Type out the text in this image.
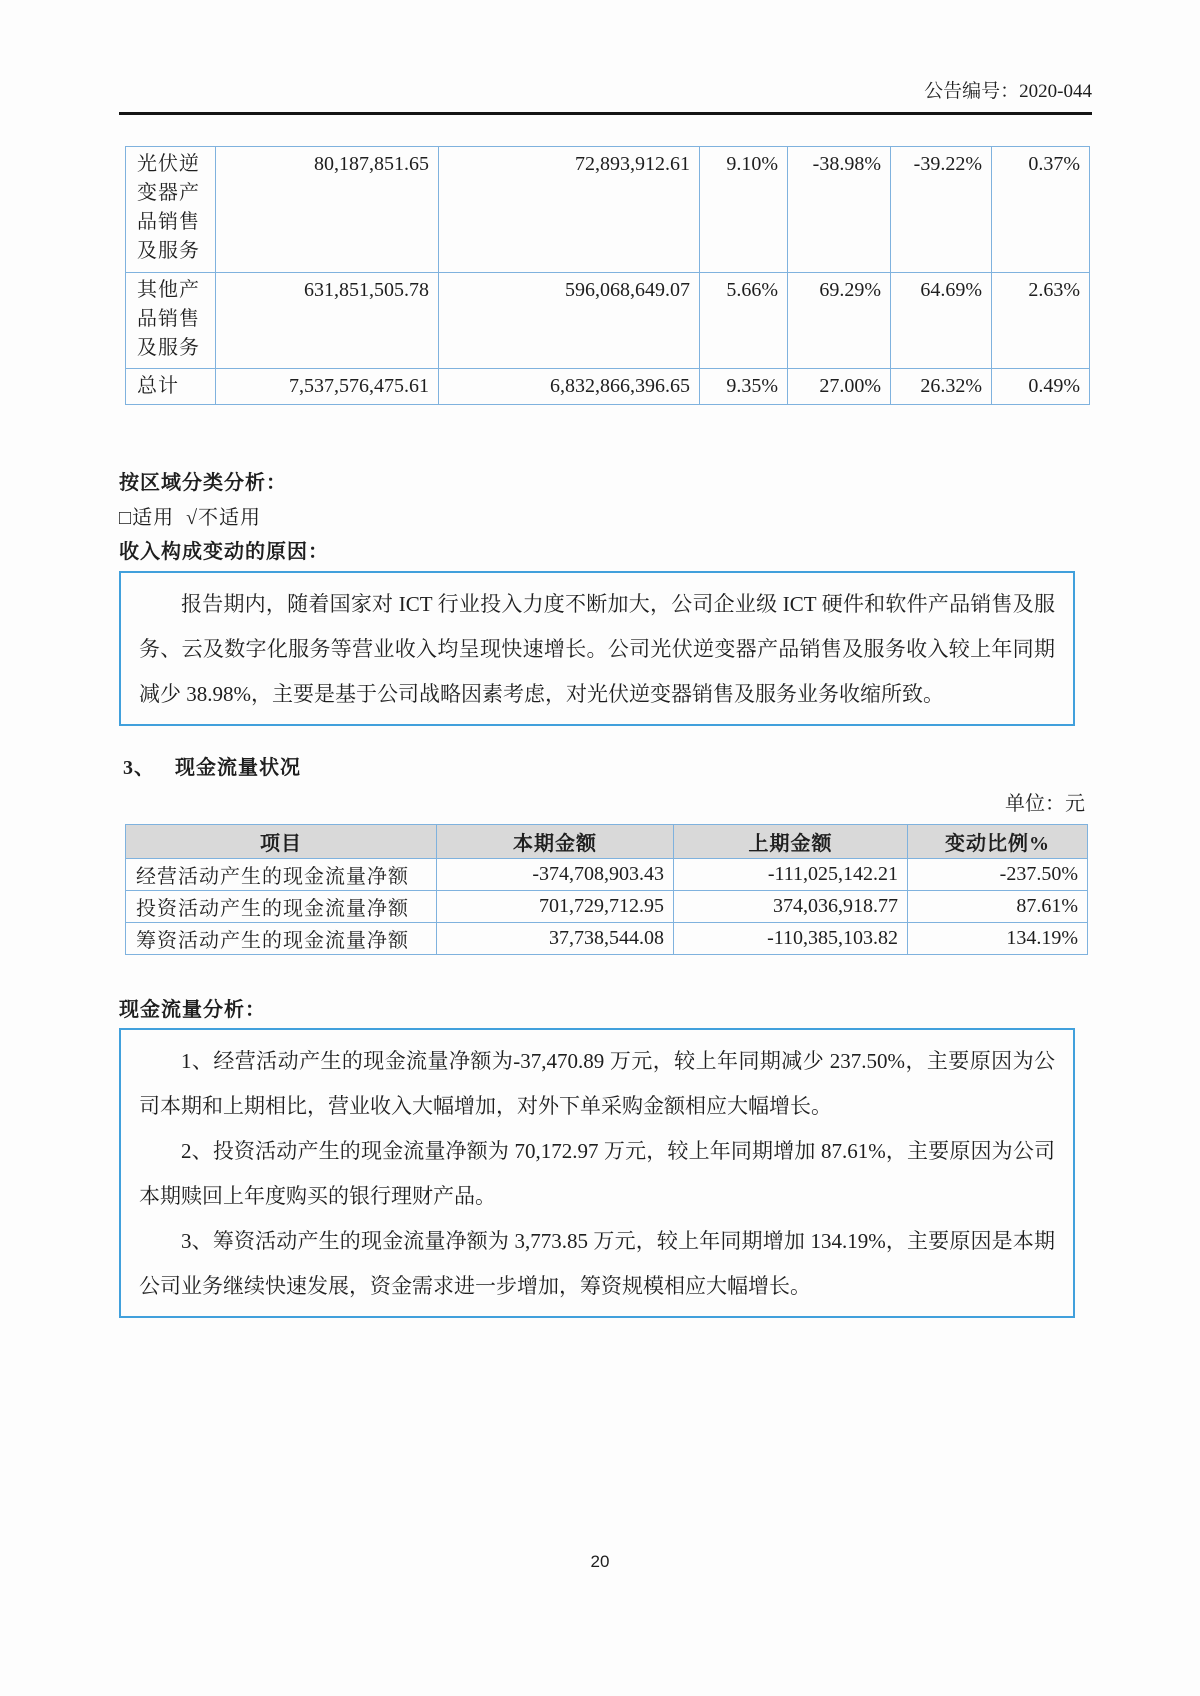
公告编号：2020-044
光伏逆变器产品销售及服务	80,187,851.65	72,893,912.61	9.10%	-38.98%	-39.22%	0.37%
其他产品销售及服务	631,851,505.78	596,068,649.07	5.66%	69.29%	64.69%	2.63%
总计	7,537,576,475.61	6,832,866,396.65	9.35%	27.00%	26.32%	0.49%
按区域分类分析：
□适用  √不适用
收入构成变动的原因：

报告期内，随着国家对 ICT 行业投入力度不断加大，公司企业级 ICT 硬件和软件产品销售及服务、云及数字化服务等营业收入均呈现快速增长。公司光伏逆变器产品销售及服务收入较上年同期减少 38.98%，主要是基于公司战略因素考虑，对光伏逆变器销售及服务业务收缩所致。

3、 现金流量状况
单位：元
项目	本期金额	上期金额	变动比例%
经营活动产生的现金流量净额	-374,708,903.43	-111,025,142.21	-237.50%
投资活动产生的现金流量净额	701,729,712.95	374,036,918.77	87.61%
筹资活动产生的现金流量净额	37,738,544.08	-110,385,103.82	134.19%
现金流量分析：

1、经营活动产生的现金流量净额为-37,470.89 万元，较上年同期减少 237.50%，主要原因为公司本期和上期相比，营业收入大幅增加，对外下单采购金额相应大幅增长。

2、投资活动产生的现金流量净额为 70,172.97 万元，较上年同期增加 87.61%，主要原因为公司本期赎回上年度购买的银行理财产品。

3、筹资活动产生的现金流量净额为 3,773.85 万元，较上年同期增加 134.19%，主要原因是本期公司业务继续快速发展，资金需求进一步增加，筹资规模相应大幅增长。

20
